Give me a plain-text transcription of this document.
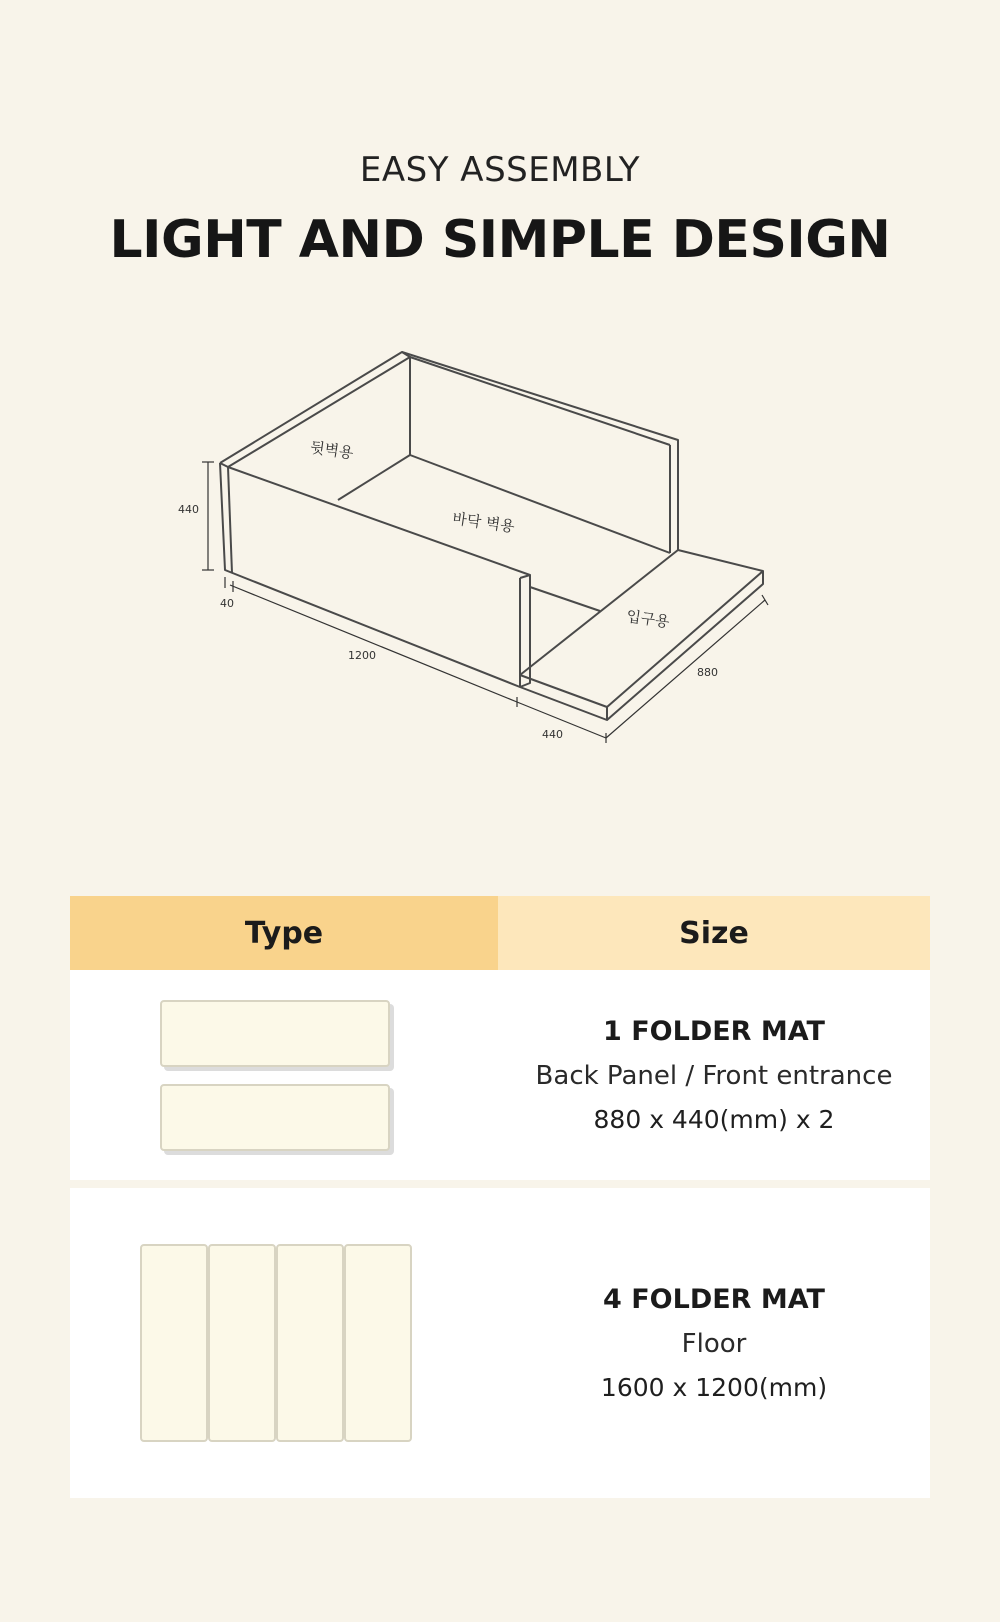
EASY ASSEMBLY
LIGHT AND SIMPLE DESIGN
뒷벽용
바닥 벽용
입구용
440
40
1200
440
880
Type	Size
1 FOLDER MAT
Back Panel / Front entrance
880 x 440(mm) x 2
4 FOLDER MAT
Floor
1600 x 1200(mm)
